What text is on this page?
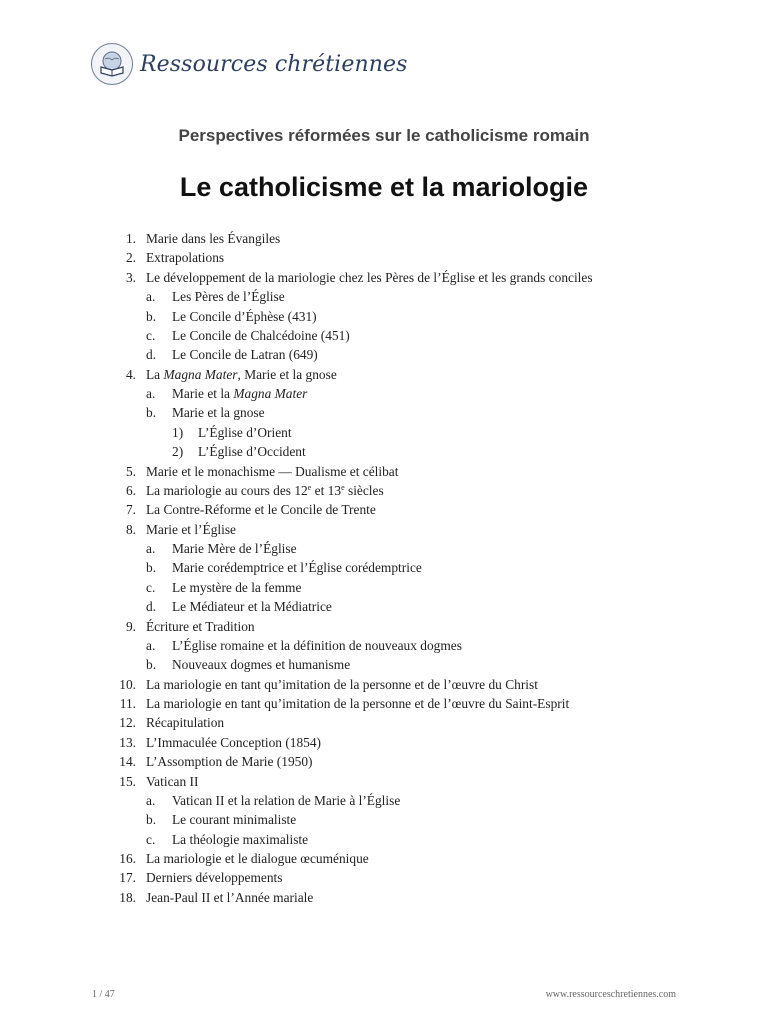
Ressources chrétiennes
Perspectives réformées sur le catholicisme romain
Le catholicisme et la mariologie
1. Marie dans les Évangiles
2. Extrapolations
3. Le développement de la mariologie chez les Pères de l’Église et les grands conciles
a. Les Pères de l’Église
b. Le Concile d’Éphèse (431)
c. Le Concile de Chalcédoine (451)
d. Le Concile de Latran (649)
4. La Magna Mater, Marie et la gnose
a. Marie et la Magna Mater
b. Marie et la gnose
1) L’Église d’Orient
2) L’Église d’Occident
5. Marie et le monachisme — Dualisme et célibat
6. La mariologie au cours des 12e et 13e siècles
7. La Contre-Réforme et le Concile de Trente
8. Marie et l’Église
a. Marie Mère de l’Église
b. Marie corédemptrice et l’Église corédemptrice
c. Le mystère de la femme
d. Le Médiateur et la Médiatrice
9. Écriture et Tradition
a. L’Église romaine et la définition de nouveaux dogmes
b. Nouveaux dogmes et humanisme
10. La mariologie en tant qu’imitation de la personne et de l’œuvre du Christ
11. La mariologie en tant qu’imitation de la personne et de l’œuvre du Saint-Esprit
12. Récapitulation
13. L’Immaculée Conception (1854)
14. L’Assomption de Marie (1950)
15. Vatican II
a. Vatican II et la relation de Marie à l’Église
b. Le courant minimaliste
c. La théologie maximaliste
16. La mariologie et le dialogue œcuménique
17. Derniers développements
18. Jean-Paul II et l’Année mariale
1 / 47	www.ressourceschretiennes.com
